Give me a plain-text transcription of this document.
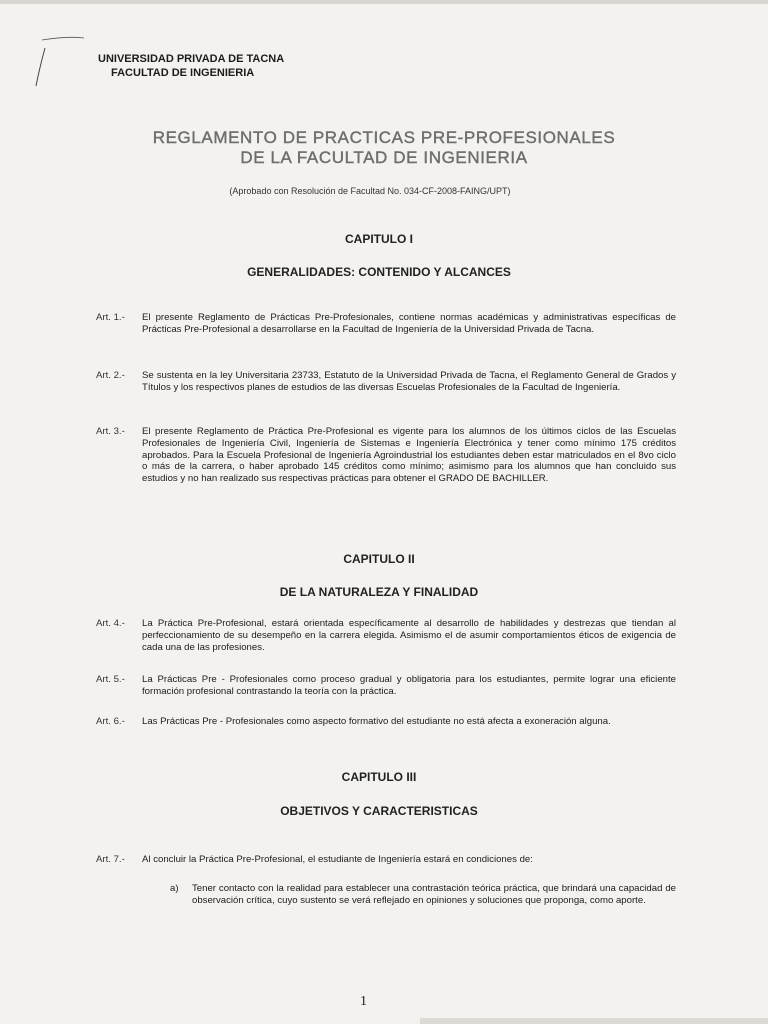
UNIVERSIDAD PRIVADA DE TACNA
FACULTAD DE INGENIERIA
REGLAMENTO DE PRACTICAS PRE-PROFESIONALES
DE LA FACULTAD DE INGENIERIA
(Aprobado con Resolución de Facultad No. 034-CF-2008-FAING/UPT)
CAPITULO I
GENERALIDADES: CONTENIDO Y ALCANCES
Art. 1.-	El presente Reglamento de Prácticas Pre-Profesionales, contiene normas académicas y administrativas específicas de Prácticas Pre-Profesional a desarrollarse en la Facultad de Ingeniería de la Universidad Privada de Tacna.
Art. 2.-	Se sustenta en la ley Universitaria 23733, Estatuto de la Universidad Privada de Tacna, el Reglamento General de Grados y Títulos y los respectivos planes de estudios de las diversas Escuelas Profesionales de la Facultad de Ingeniería.
Art. 3.-	El presente Reglamento de Práctica Pre-Profesional es vigente para los alumnos de los últimos ciclos de las Escuelas Profesionales de Ingeniería Civil, Ingeniería de Sistemas e Ingeniería Electrónica y tener como mínimo 175 créditos aprobados. Para la Escuela Profesional de Ingeniería Agroindustrial los estudiantes deben estar matriculados en el 8vo ciclo o más de la carrera, o haber aprobado 145 créditos como mínimo; asimismo para los alumnos que han concluido sus estudios y no han realizado sus respectivas prácticas para obtener el GRADO DE BACHILLER.
CAPITULO II
DE LA NATURALEZA Y FINALIDAD
Art. 4.-	La Práctica Pre-Profesional, estará orientada específicamente al desarrollo de habilidades y destrezas que tiendan al perfeccionamiento de su desempeño en la carrera elegida. Asimismo el de asumir comportamientos éticos de exigencia de cada una de las profesiones.
Art. 5.-	La Prácticas Pre - Profesionales como proceso gradual y obligatoria para los estudiantes, permite lograr una eficiente formación profesional contrastando la teoría con la práctica.
Art. 6.-	Las Prácticas Pre - Profesionales como aspecto formativo del estudiante no está afecta a exoneración alguna.
CAPITULO III
OBJETIVOS Y CARACTERISTICAS
Art. 7.-	Al concluir la Práctica Pre-Profesional, el estudiante de Ingeniería estará en condiciones de:
a) Tener contacto con la realidad para establecer una contrastación teórica práctica, que brindará una capacidad de observación crítica, cuyo sustento se verá reflejado en opiniones y soluciones que proponga, como aporte.
1
